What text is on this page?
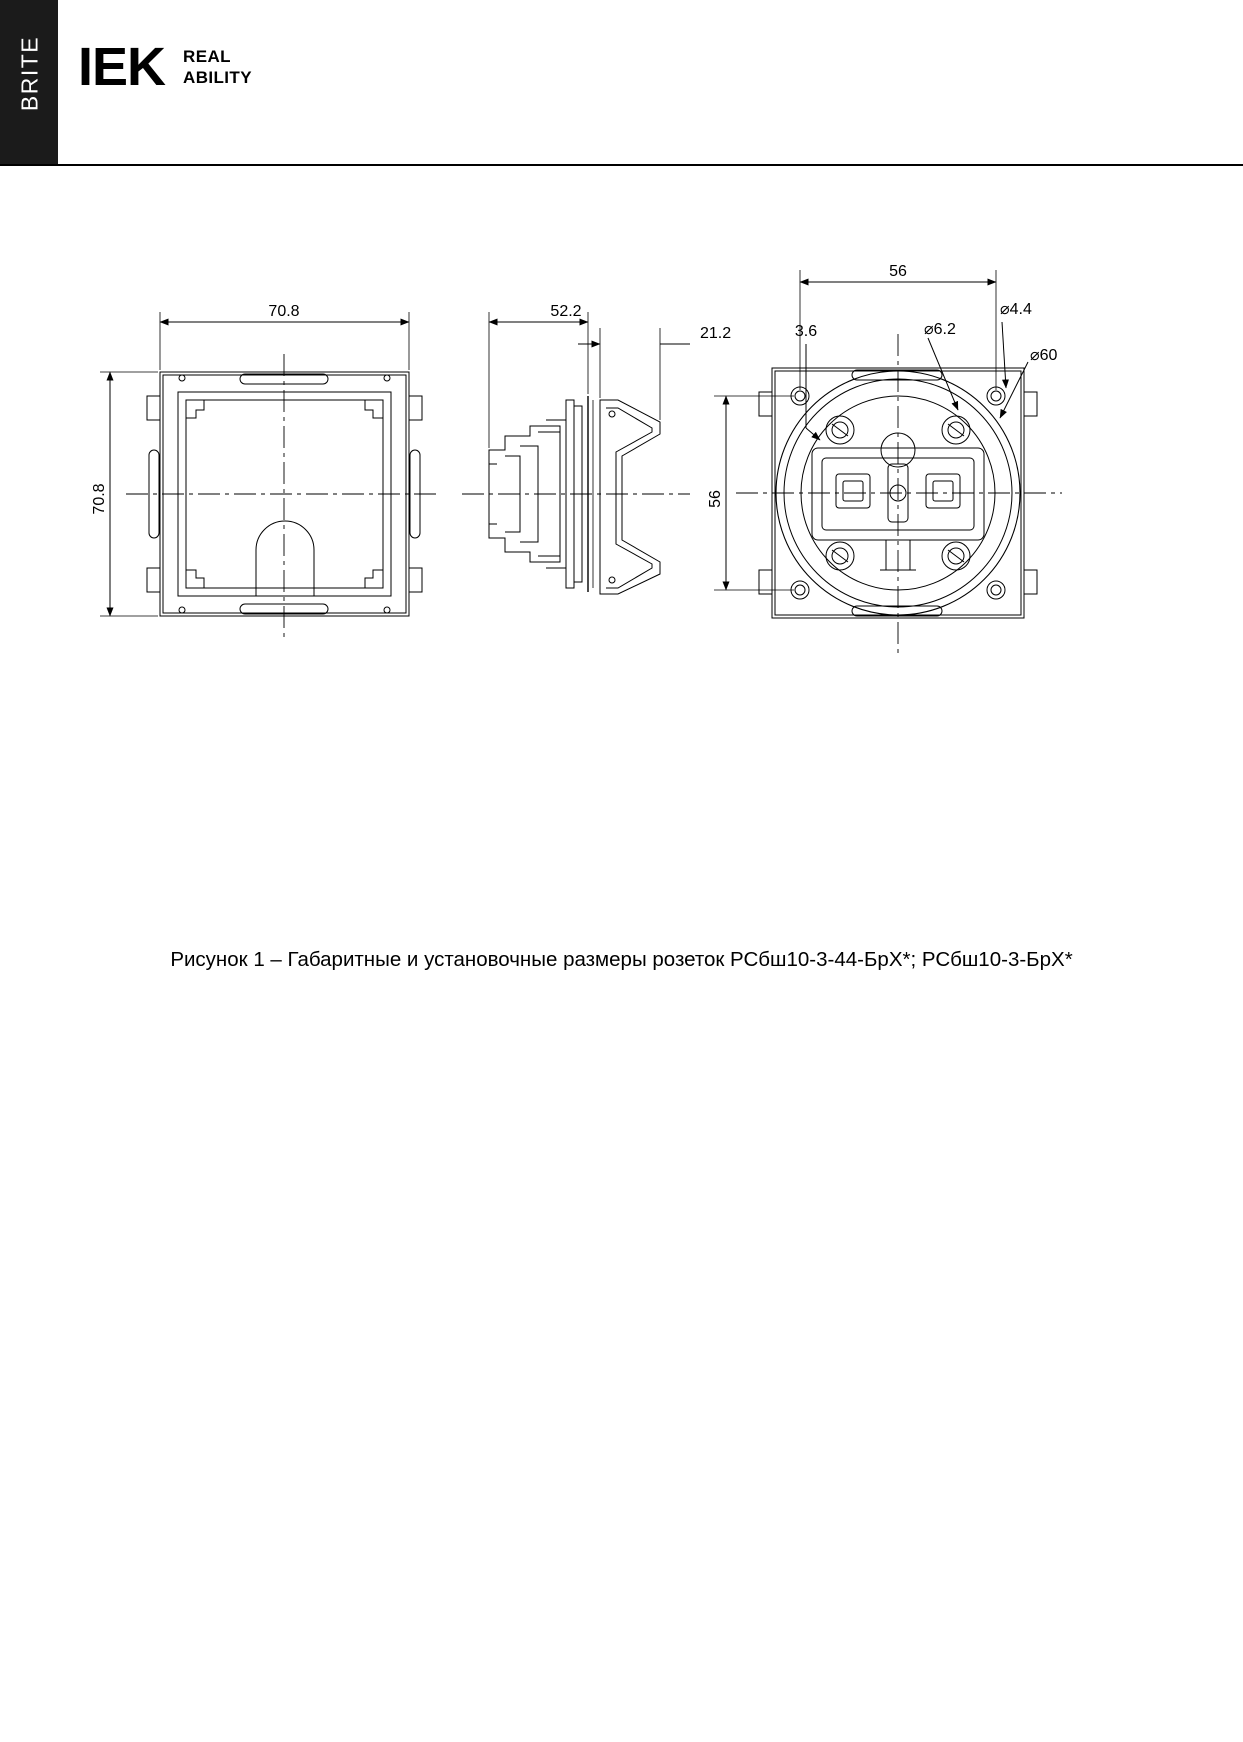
BRITE IEK REAL
ABILITY
70.8
70.8
52.2
21.2
56
56
3.6	⌀6.2
⌀4.4
⌀60
Рисунок 1 – Габаритные и установочные размеры розеток РСбш10-3-44-БрХ*; РСбш10-3-БрХ*
